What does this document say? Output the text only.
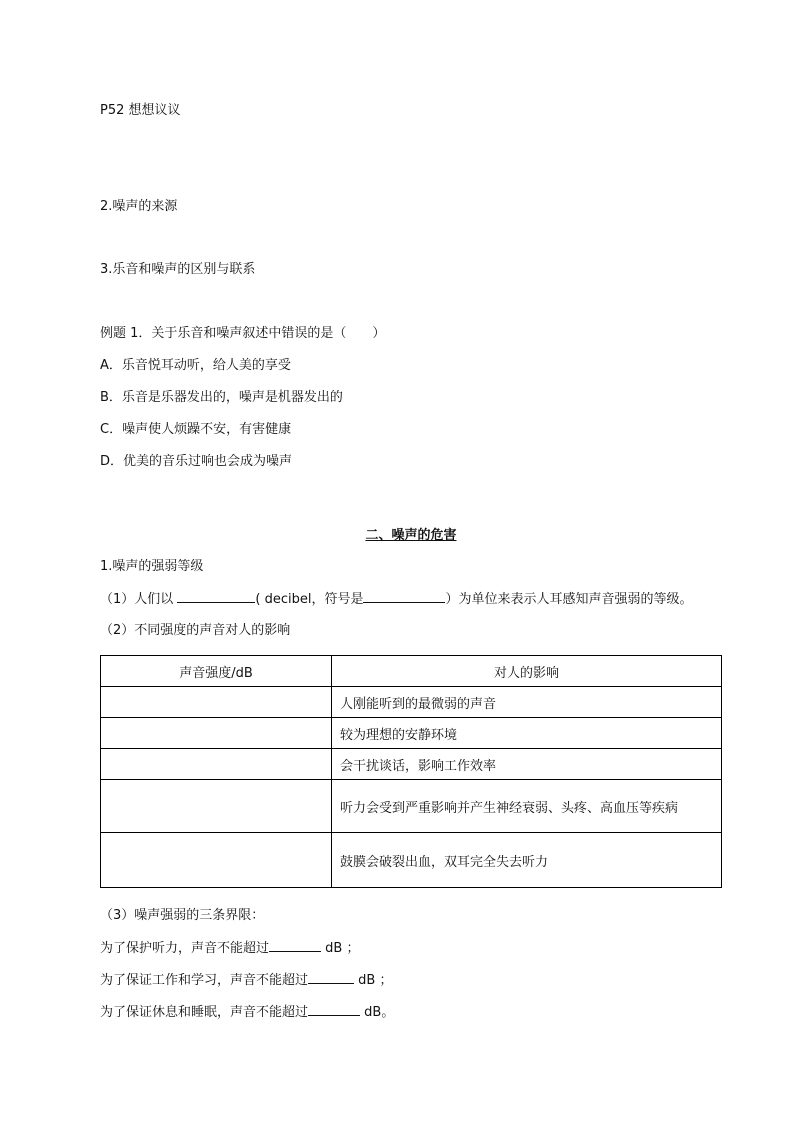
P52 想想议议
2.噪声的来源
3.乐音和噪声的区别与联系
例题 1．关于乐音和噪声叙述中错误的是（　　）
A．乐音悦耳动听，给人美的享受
B．乐音是乐器发出的，噪声是机器发出的
C．噪声使人烦躁不安，有害健康
D．优美的音乐过响也会成为噪声
二、噪声的危害
1.噪声的强弱等级
（1）人们以	( decibel，符号是	）为单位来表示人耳感知声音强弱的等级。
（2）不同强度的声音对人的影响
声音强度/dB	对人的影响
	人刚能听到的最微弱的声音
	较为理想的安静环境
	会干扰谈话，影响工作效率
	听力会受到严重影响并产生神经衰弱、头疼、高血压等疾病
	鼓膜会破裂出血，双耳完全失去听力
（3）噪声强弱的三条界限：
为了保护听力，声音不能超过	dB ；
为了保证工作和学习，声音不能超过	dB ；
为了保证休息和睡眠，声音不能超过	dB。
